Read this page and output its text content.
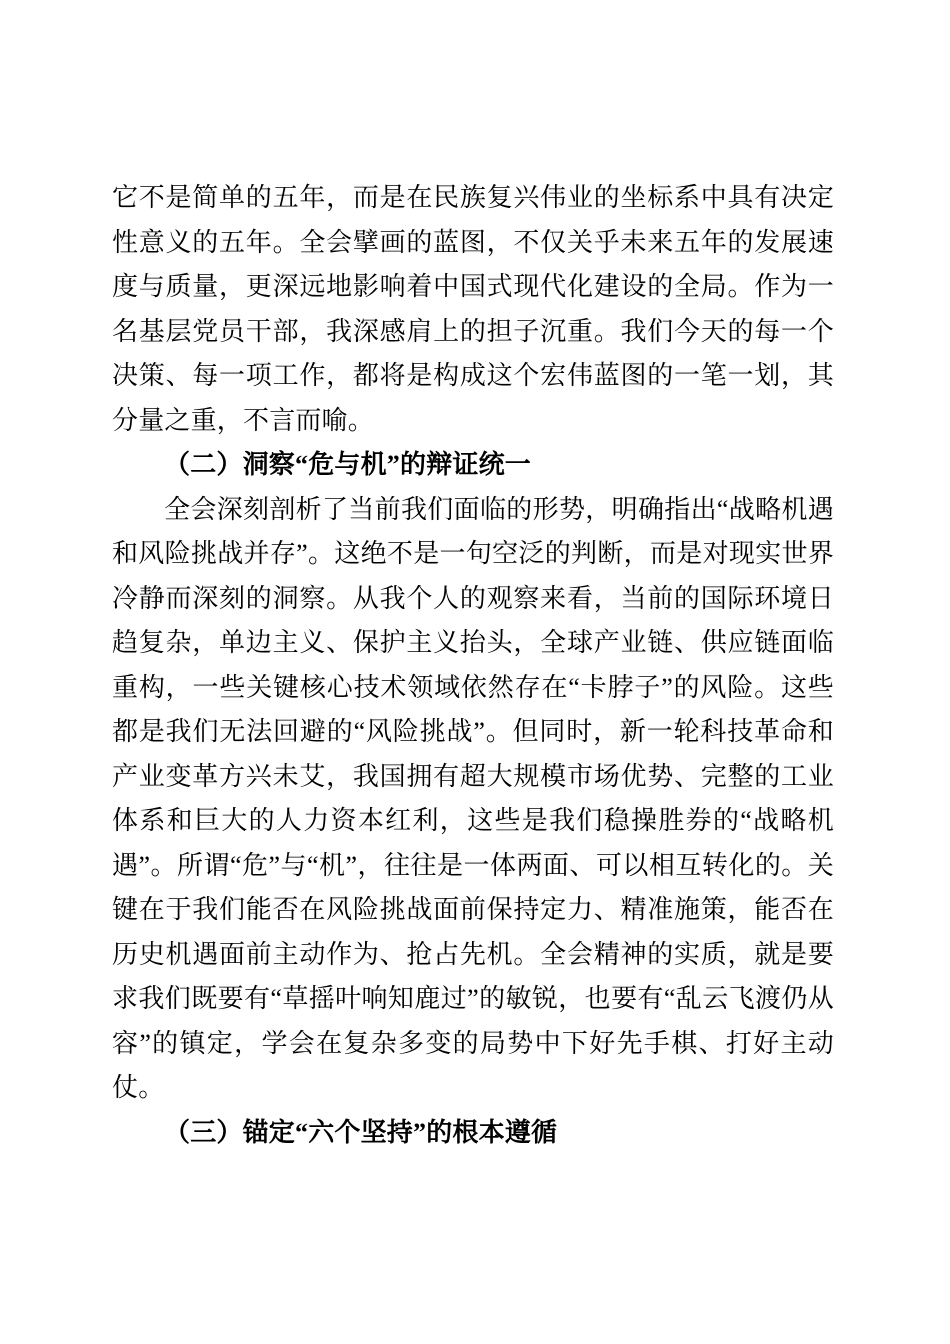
它不是简单的五年，而是在民族复兴伟业的坐标系中具有决定性意义的五年。全会擘画的蓝图，不仅关乎未来五年的发展速度与质量，更深远地影响着中国式现代化建设的全局。作为一名基层党员干部，我深感肩上的担子沉重。我们今天的每一个决策、每一项工作，都将是构成这个宏伟蓝图的一笔一划，其分量之重，不言而喻。

（二）洞察“危与机”的辩证统一

全会深刻剖析了当前我们面临的形势，明确指出“战略机遇和风险挑战并存”。这绝不是一句空泛的判断，而是对现实世界冷静而深刻的洞察。从我个人的观察来看，当前的国际环境日趋复杂，单边主义、保护主义抬头，全球产业链、供应链面临重构，一些关键核心技术领域依然存在“卡脖子”的风险。这些都是我们无法回避的“风险挑战”。但同时，新一轮科技革命和产业变革方兴未艾，我国拥有超大规模市场优势、完整的工业体系和巨大的人力资本红利，这些是我们稳操胜券的“战略机遇”。所谓“危”与“机”，往往是一体两面、可以相互转化的。关键在于我们能否在风险挑战面前保持定力、精准施策，能否在历史机遇面前主动作为、抢占先机。全会精神的实质，就是要求我们既要有“草摇叶响知鹿过”的敏锐，也要有“乱云飞渡仍从容”的镇定，学会在复杂多变的局势中下好先手棋、打好主动仗。

（三）锚定“六个坚持”的根本遵循
